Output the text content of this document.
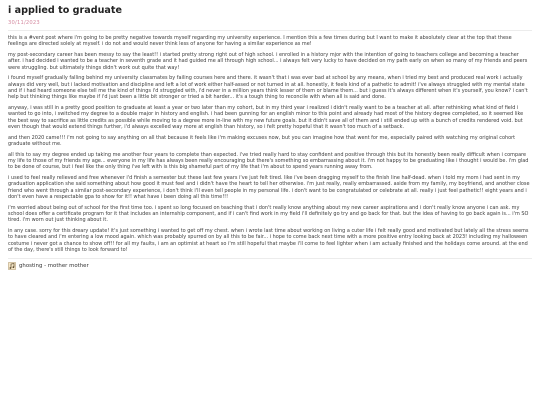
i applied to graduate
30/11/2023

this is a #vent post where i'm going to be pretty negative towards myself regarding my university experience. I mention this a few times during but I want to make it absolutely clear at the top that these feelings are directed solely at myself. i do not and would never think less of anyone for having a similar experience as me!

my post-secondary career has been messy to say the least!! i started pretty strong right out of high school. i enrolled in a history mjor with the intention of going to teachers college and becoming a teacher after. i had decided i wanted to be a teacher in seventh grade and it had guided me all through high school... i always felt very lucky to have decided on my path early on when so many of my friends and peers were struggling. but ultimately things didn't work out quite that way!

i found myself gradually falling behind my university classmates by failing courses here and there. it wasn't that i was ever bad at school by any means, when i tried my best and produced real work i actually always did very well, but i lacked motivation and discipline and left a lot of work either half-assed or not turned in at all. honestly, it feels kind of a pathetic to admit! i've always struggled with my mental state and if i had heard someone else tell me the kind of things i'd struggled with, i'd never in a million years think lesser of them or blame them... but i guess it's always different when it's yourself, you know? i can't help but thinking things like maybe if i'd just been a little bit stronger or tried a bit harder... it's a tough thing to reconcile with when all is said and done.

anyway, i was still in a pretty good position to graduate at least a year or two later than my cohort, but in my third year i realized i didn't really want to be a teacher at all. after rethinking what kind of field i wanted to go into, i switched my degree to a double major in history and english. i had been gunning for an english minor to this point and already had most of the history degree completed, so it seemed like the best way to sacrifice as little credits as possible while moving to a degree more in-line with my new future goals. but it didn't save all of them and i still ended up with a bunch of credits rendered void. but even though that would extend things further, i'd always excelled way more at english than history, so i felt pretty hopeful that it wasn't too much of a setback.

and then 2020 came!!! i'm not going to say anything on all that because it feels like i'm making excuses now, but you can imagine how that went for me, especially paired with watching my original cohort graduate without me.

all this to say my degree ended up taking me another four years to complete than expected. i've tried really hard to stay confident and positive through this but its honestly been really difficult when i compare my life to those of my friends my age... everyone in my life has always been really encouraging but there's something so embarrassing about it. i'm not happy to be graduating like i thought i would be. i'm glad to be done of course, but i feel like the only thing i've left with is this big shameful part of my life that i'm about to spend years running away from.

i used to feel really relieved and free whenever i'd finish a semester but these last few years i've just felt tired. like i've been dragging myself to the finish line half-dead. when i told my mom i had sent in my graduation application she said something about how good it must feel and i didn't have the heart to tell her otherwise. i'm just really, really embarrassed. aside from my family, my boyfriend, and another close friend who went through a similar post-secondary experience, i don't think i'll even tell people in my personal life. i don't want to be congratulated or celebrate at all. really i just feel pathetic!! eight years and i don't even have a respectable gpa to show for it!! what have i been doing all this time!!!

i'm worried about being out of school for the first time too. i spent so long focused on teaching that i don't really know anything about my new career aspirations and i don't really know anyone i can ask. my school does offer a certificate program for it that includes an internship component, and if i can't find work in my field i'll definitely go try and go back for that. but the idea of having to go back again is... i'm SO tired. i'm worn out just thinking about it.

in any case. sorry for this dreary update! it's just something i wanted to get off my chest. when i wrote last time about working on living a cuter life i felt really good and motivated but lately all the stress seems to have cleared and i'm entering a low mood again. which was probably spurred on by all this to be fair... i hope to come back next time with a more positive entry looking back at 2023! including my halloween costume i never got a chance to show off!! for all my faults, i am an optimist at heart so i'm still hopeful that maybe i'll come to feel lighter when i am actually finished and the holidays come around. at the end of the day, there's still things to look forward to!

ghosting - mother mother
